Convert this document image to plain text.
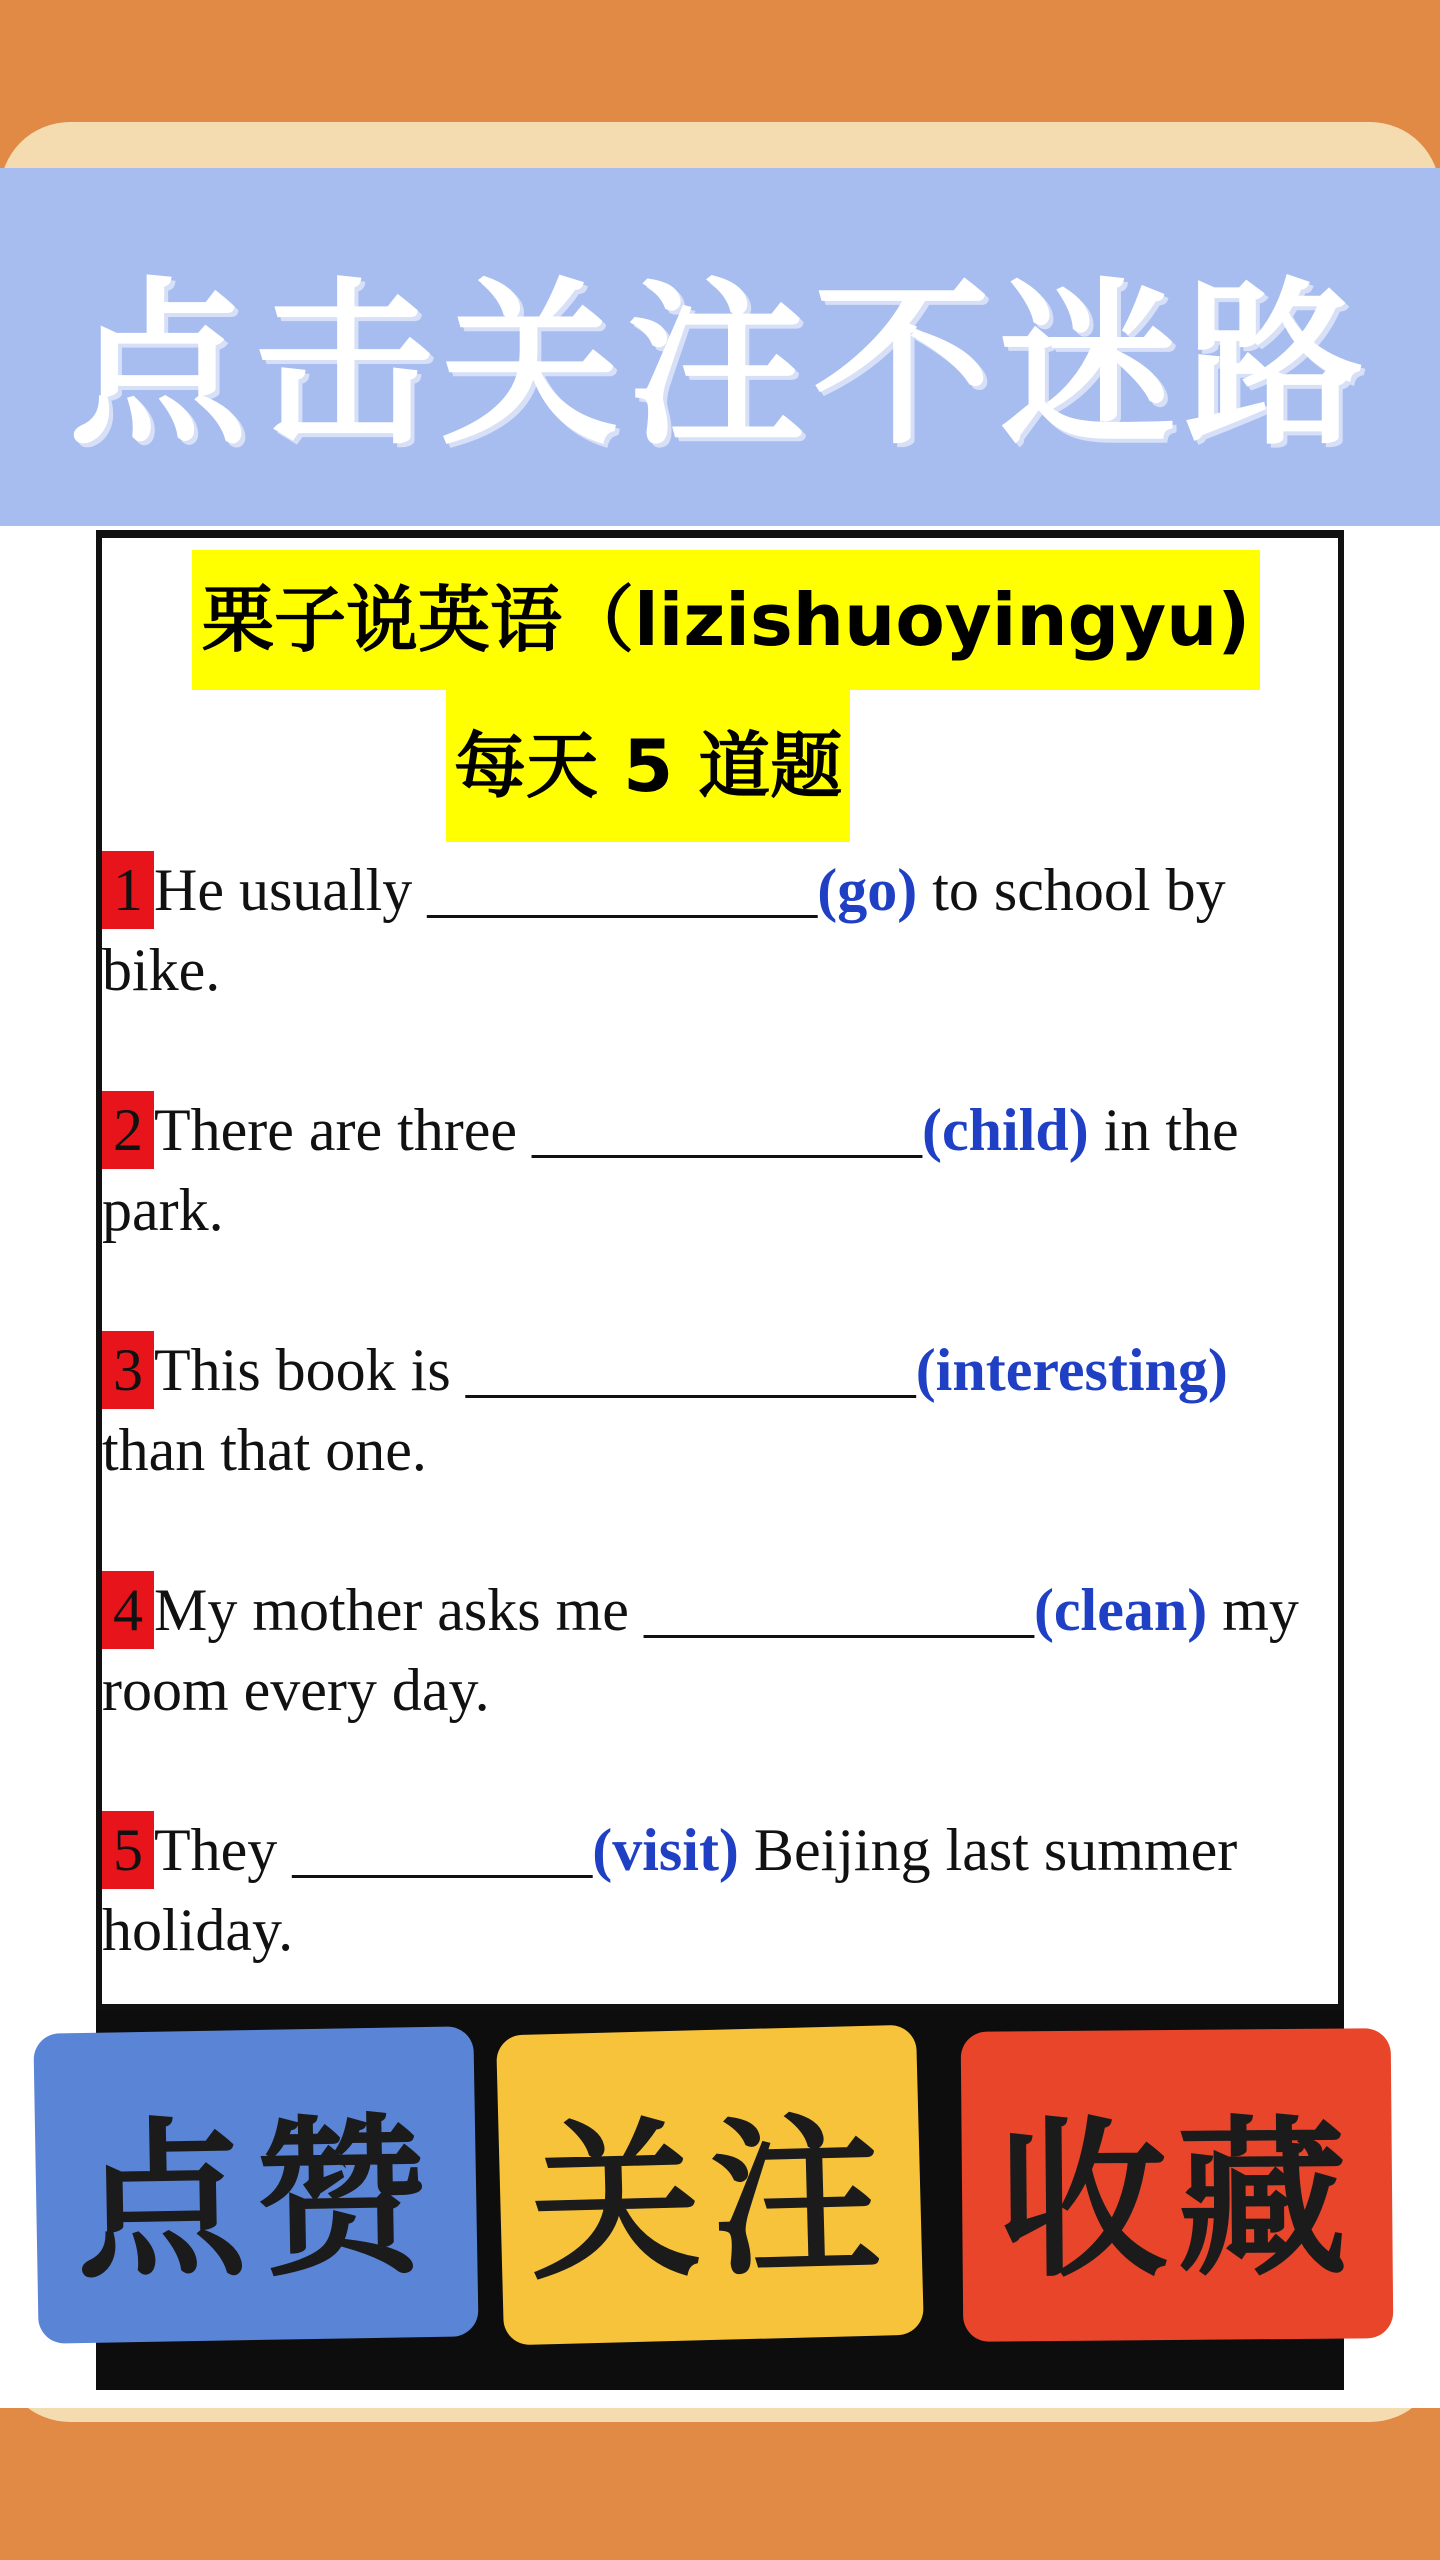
点击关注不迷路
栗子说英语（lizishuoyingyu)
每天 5 道题
1 He usually _____________(go) to school by bike.
2 There are three _____________(child) in the park.
3 This book is _______________(interesting) than that one.
4 My mother asks me _____________(clean) my room every day.
5 They __________(visit) Beijing last summer holiday.
点赞 关注 收藏
